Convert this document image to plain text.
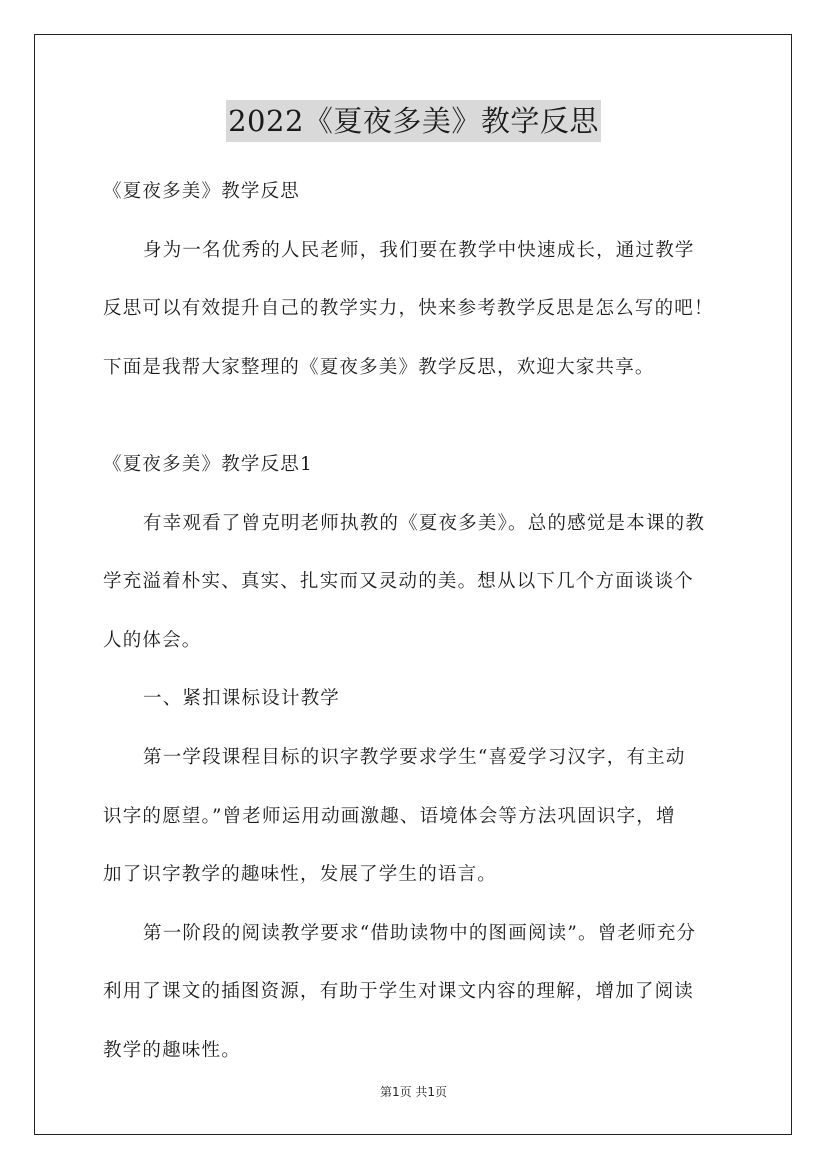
2022《夏夜多美》教学反思
《夏夜多美》教学反思
身为一名优秀的人民老师，我们要在教学中快速成长，通过教学
反思可以有效提升自己的教学实力，快来参考教学反思是怎么写的吧！
下面是我帮大家整理的《夏夜多美》教学反思，欢迎大家共享。
《夏夜多美》教学反思1
有幸观看了曾克明老师执教的《夏夜多美》。总的感觉是本课的教
学充溢着朴实、真实、扎实而又灵动的美。想从以下几个方面谈谈个
人的体会。
一、紧扣课标设计教学
第一学段课程目标的识字教学要求学生“喜爱学习汉字，有主动
识字的愿望。”曾老师运用动画激趣、语境体会等方法巩固识字，增
加了识字教学的趣味性，发展了学生的语言。
第一阶段的阅读教学要求“借助读物中的图画阅读”。曾老师充分
利用了课文的插图资源，有助于学生对课文内容的理解，增加了阅读
教学的趣味性。
第1页 共1页
